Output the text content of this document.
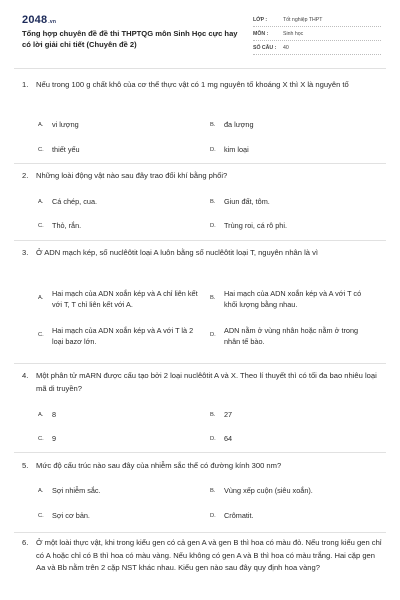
2048.vn
Tổng hợp chuyên đề đề thi THPTQG môn Sinh Học cực hay có lời giải chi tiết (Chuyên đề 2)
LỚP :	Tốt nghiệp THPT
MÔN :	Sinh học
SỐ CÂU :	40
1.	Nếu trong 100 g chất khô của cơ thể thực vật có 1 mg nguyên tố khoáng X thì X là nguyên tố
A.	vi lượng	B.	đa lượng
C.	thiết yếu	D.	kim loại
2.	Những loài động vật nào sau đây trao đổi khí bằng phổi?
A.	Cá chép, cua.	B.	Giun đất, tôm.
C.	Thỏ, rắn.	D.	Trùng roi, cá rô phi.
3.	Ở ADN mạch kép, số nuclêôtit loại A luôn bằng số nuclêôtit loại T, nguyên nhân là vì
A.	Hai mạch của ADN xoắn kép và A chỉ liên kết với T, T chỉ liên kết với A.
B.	Hai mạch của ADN xoắn kép và A với T có khối lượng bằng nhau.
C.	Hai mạch của ADN xoắn kép và A với T là 2 loại bazơ lớn.
D.	ADN nằm ở vùng nhân hoặc nằm ở trong nhân tế bào.
4.	Một phân tử mARN được cấu tạo bởi 2 loại nuclêôtit A và X. Theo lí thuyết thì có tối đa bao nhiêu loại mã di truyền?
A.	8	B.	27
C.	9	D.	64
5.	Mức độ cấu trúc nào sau đây của nhiễm sắc thể có đường kính 300 nm?
A.	Sợi nhiễm sắc.	B.	Vùng xếp cuộn (siêu xoắn).
C.	Sợi cơ bản.	D.	Crômatit.
6.	Ở một loài thực vật, khi trong kiểu gen có cả gen A và gen B thì hoa có màu đỏ. Nếu trong kiểu gen chỉ có A hoặc chỉ có B thì hoa có màu vàng. Nếu không có gen A và B thì hoa có màu trắng. Hai cặp gen Aa và Bb nằm trên 2 cặp NST khác nhau. Kiểu gen nào sau đây quy định hoa vàng?
